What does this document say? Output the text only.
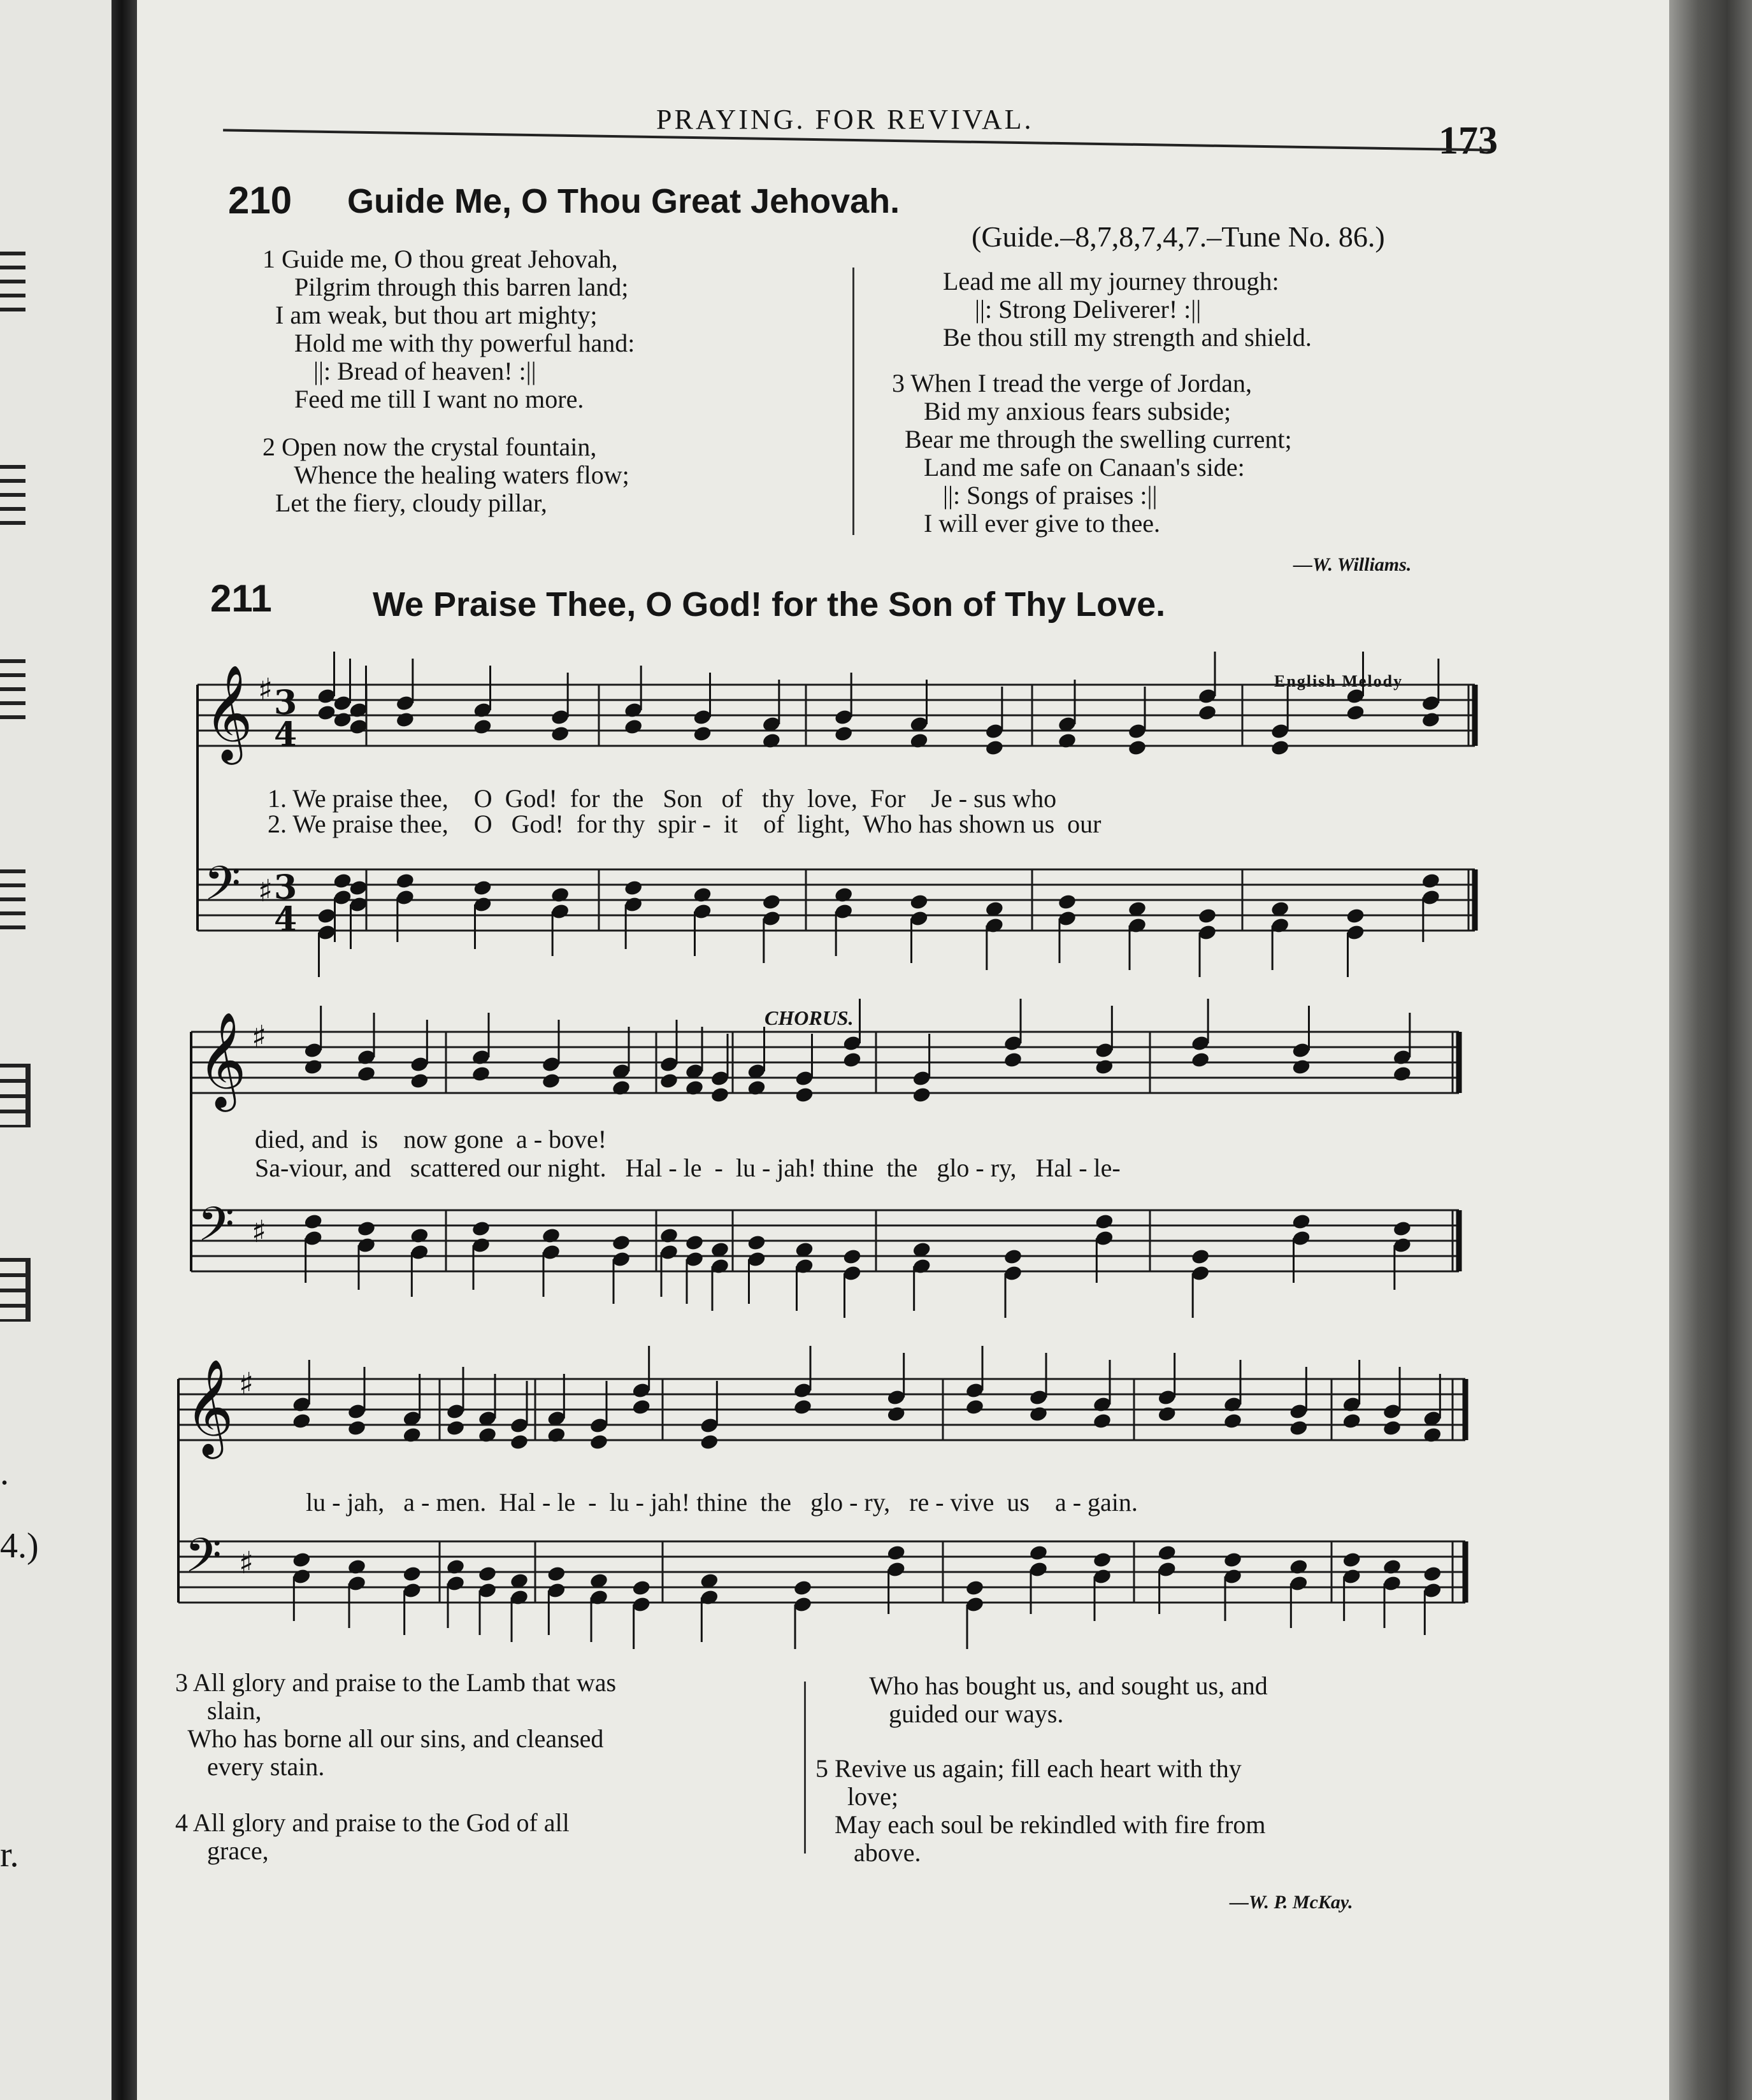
.
4.)
r.
PRAYING. FOR REVIVAL.	173
210 Guide Me, O Thou Great Jehovah.
(Guide.–8,7,8,7,4,7.–Tune No. 86.)
1 Guide me, O thou great Jehovah,
Pilgrim through this barren land;
I am weak, but thou art mighty;
Hold me with thy powerful hand:
||: Bread of heaven! :||
Feed me till I want no more.
2 Open now the crystal fountain,
Whence the healing waters flow;
Let the fiery, cloudy pillar,
Lead me all my journey through:
||: Strong Deliverer! :||
Be thou still my strength and shield.
3 When I tread the verge of Jordan,
Bid my anxious fears subside;
Bear me through the swelling current;
Land me safe on Canaan's side:
||: Songs of praises :||
I will ever give to thee.
—W. Williams.
211	We Praise Thee, O God! for the Son of Thy Love.
English Melody
CHORUS.
𝄞 ♯ 3
4
𝄢 ♯ 3
4
𝄞 ♯
𝄢 ♯
𝄞 ♯
𝄢 ♯
1. We praise thee,    O  God!  for  the   Son   of   thy  love,  For    Je - sus who
2. We praise thee,    O   God!  for thy  spir -  it    of  light,  Who has shown us  our
died, and  is    now gone  a - bove!
Sa-viour, and   scattered our night.   Hal - le  -  lu - jah! thine  the   glo - ry,   Hal - le-
lu - jah,   a - men.  Hal - le  -  lu - jah! thine  the   glo - ry,   re - vive  us    a - gain.
3 All glory and praise to the Lamb that was
slain,
Who has borne all our sins, and cleansed
every stain.
4 All glory and praise to the God of all
grace,
Who has bought us, and sought us, and
guided our ways.
5 Revive us again; fill each heart with thy
love;
May each soul be rekindled with fire from
above.
—W. P. McKay.
